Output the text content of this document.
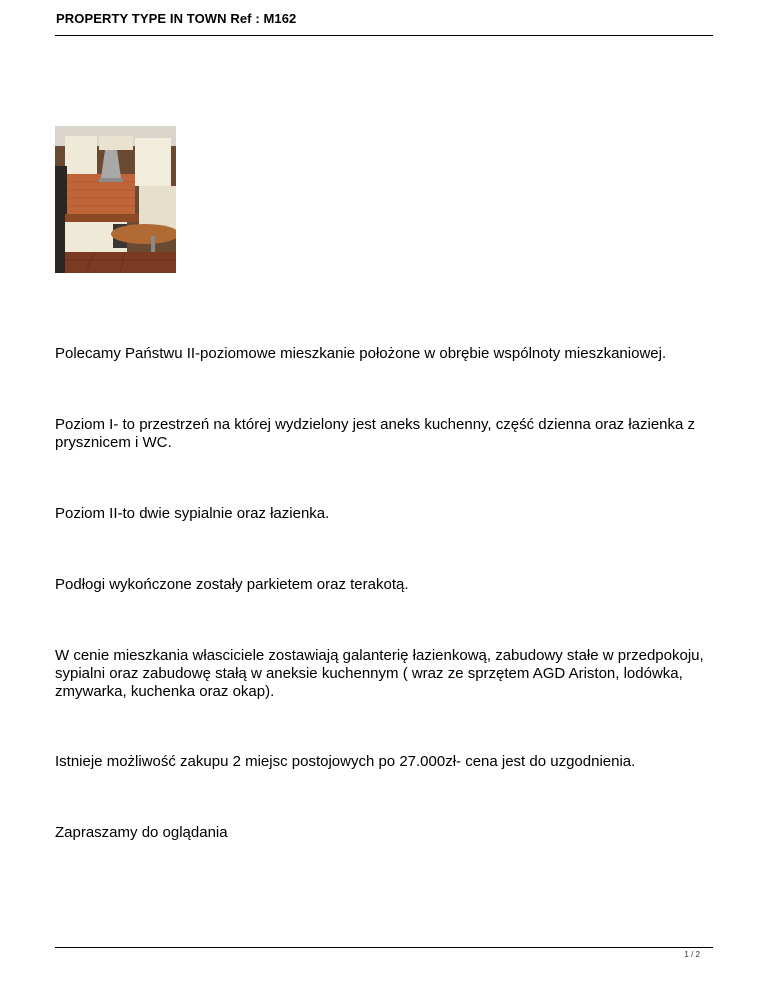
PROPERTY TYPE IN TOWN Ref : M162
Polecamy Państwu II-poziomowe mieszkanie położone w obrębie wspólnoty mieszkaniowej.
Poziom I- to przestrzeń na której wydzielony jest aneks kuchenny, część dzienna oraz łazienka z prysznicem i WC.
Poziom II-to dwie sypialnie oraz łazienka.
Podłogi wykończone zostały parkietem oraz terakotą.
W cenie mieszkania własciciele zostawiają galanterię łazienkową, zabudowy stałe w przedpokoju, sypialni oraz zabudowę stałą w aneksie kuchennym ( wraz ze sprzętem AGD Ariston, lodówka, zmywarka, kuchenka oraz okap).
Istnieje możliwość zakupu 2 miejsc postojowych po 27.000zł- cena jest do uzgodnienia.
Zapraszamy do oglądania
1 / 2
